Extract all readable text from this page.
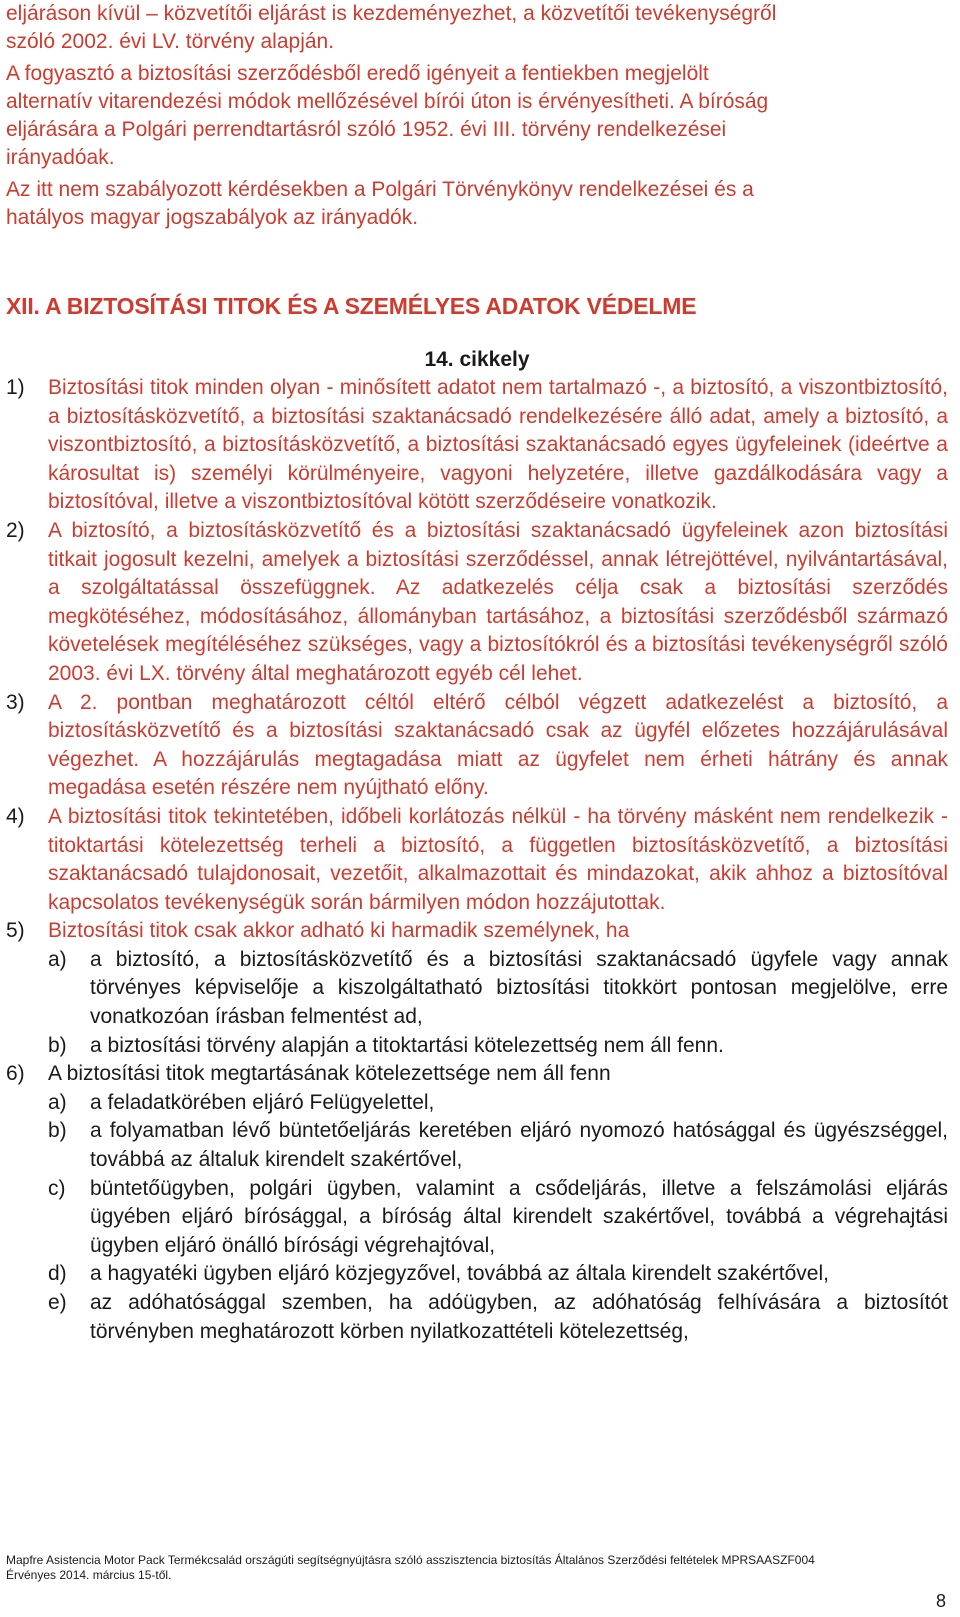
eljáráson kívül – közvetítői eljárást is kezdeményezhet, a közvetítői tevékenységről
szóló 2002. évi LV. törvény alapján.
A fogyasztó a biztosítási szerződésből eredő igényeit a fentiekben megjelölt
alternatív vitarendezési módok mellőzésével bírói úton is érvényesítheti. A bíróság
eljárására a Polgári perrendtartásról szóló 1952. évi III. törvény rendelkezései
irányadóak.
Az itt nem szabályozott kérdésekben a Polgári Törvénykönyv rendelkezései és a
hatályos magyar jogszabályok az irányadók.
XII. A BIZTOSÍTÁSI TITOK ÉS A SZEMÉLYES ADATOK VÉDELME
14. cikkely
1)	Biztosítási titok minden olyan - minősített adatot nem tartalmazó -, a biztosító, a viszontbiztosító, a biztosításközvetítő, a biztosítási szaktanácsadó rendelkezésére álló adat, amely a biztosító, a viszontbiztosító, a biztosításközvetítő, a biztosítási szaktanácsadó egyes ügyfeleinek (ideértve a károsultat is) személyi körülményeire, vagyoni helyzetére, illetve gazdálkodására vagy a biztosítóval, illetve a viszontbiztosítóval kötött szerződéseire vonatkozik.
2)	A biztosító, a biztosításközvetítő és a biztosítási szaktanácsadó ügyfeleinek azon biztosítási titkait jogosult kezelni, amelyek a biztosítási szerződéssel, annak létrejöttével, nyilvántartásával, a szolgáltatással összefüggnek. Az adatkezelés célja csak a biztosítási szerződés megkötéséhez, módosításához, állományban tartásához, a biztosítási szerződésből származó követelések megítéléséhez szükséges, vagy a biztosítókról és a biztosítási tevékenységről szóló 2003. évi LX. törvény által meghatározott egyéb cél lehet.
3)	A 2. pontban meghatározott céltól eltérő célból végzett adatkezelést a biztosító, a biztosításközvetítő és a biztosítási szaktanácsadó csak az ügyfél előzetes hozzájárulásával végezhet. A hozzájárulás megtagadása miatt az ügyfelet nem érheti hátrány és annak megadása esetén részére nem nyújtható előny.
4)	A biztosítási titok tekintetében, időbeli korlátozás nélkül - ha törvény másként nem rendelkezik - titoktartási kötelezettség terheli a biztosító, a független biztosításközvetítő, a biztosítási szaktanácsadó tulajdonosait, vezetőit, alkalmazottait és mindazokat, akik ahhoz a biztosítóval kapcsolatos tevékenységük során bármilyen módon hozzájutottak.
5)	Biztosítási titok csak akkor adható ki harmadik személynek, ha
a)	a biztosító, a biztosításközvetítő és a biztosítási szaktanácsadó ügyfele vagy annak törvényes képviselője a kiszolgáltatható biztosítási titokkört pontosan megjelölve, erre vonatkozóan írásban felmentést ad,
b)	a biztosítási törvény alapján a titoktartási kötelezettség nem áll fenn.
6)	A biztosítási titok megtartásának kötelezettsége nem áll fenn
a)	a feladatkörében eljáró Felügyelettel,
b)	a folyamatban lévő büntetőeljárás keretében eljáró nyomozó hatósággal és ügyészséggel, továbbá az általuk kirendelt szakértővel,
c)	büntetőügyben, polgári ügyben, valamint a csődeljárás, illetve a felszámolási eljárás ügyében eljáró bírósággal, a bíróság által kirendelt szakértővel, továbbá a végrehajtási ügyben eljáró önálló bírósági végrehajtóval,
d)	a hagyatéki ügyben eljáró közjegyzővel, továbbá az általa kirendelt szakértővel,
e)	az adóhatósággal szemben, ha adóügyben, az adóhatóság felhívására a biztosítót törvényben meghatározott körben nyilatkozattételi kötelezettség,
Mapfre Asistencia Motor Pack Termékcsalád országúti segítségnyújtásra szóló asszisztencia biztosítás Általános Szerződési feltételek MPRSAASZF004
Érvényes 2014. március 15-től.
8
